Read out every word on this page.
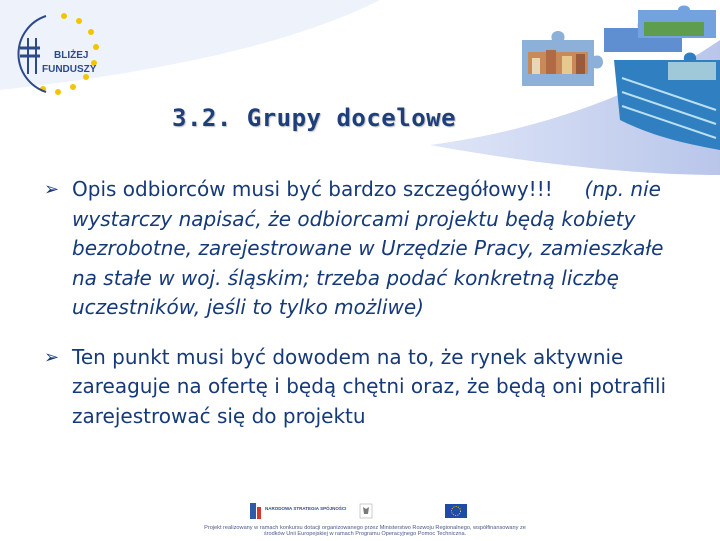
BLIŻEJ
FUNDUSZY
3.2. Grupy docelowe
➢ Opis odbiorców musi być bardzo szczegółowy!!!     (np. nie wystarczy napisać, że odbiorcami projektu będą kobiety bezrobotne, zarejestrowane w Urzędzie Pracy, zamieszkałe na stałe w woj. śląskim; trzeba podać konkretną liczbę uczestników, jeśli to tylko możliwe)
➢ Ten punkt musi być dowodem na to, że rynek aktywnie zareaguje na ofertę i będą chętni oraz, że będą oni potrafili zarejestrować się do projektu
NARODOWA STRATEGIA SPÓJNOŚCI
Projekt realizowany w ramach konkursu dotacji organizowanego przez Ministerstwo Rozwoju Regionalnego, współfinansowany ze środków Unii Europejskiej w ramach Programu Operacyjnego Pomoc Techniczna.
